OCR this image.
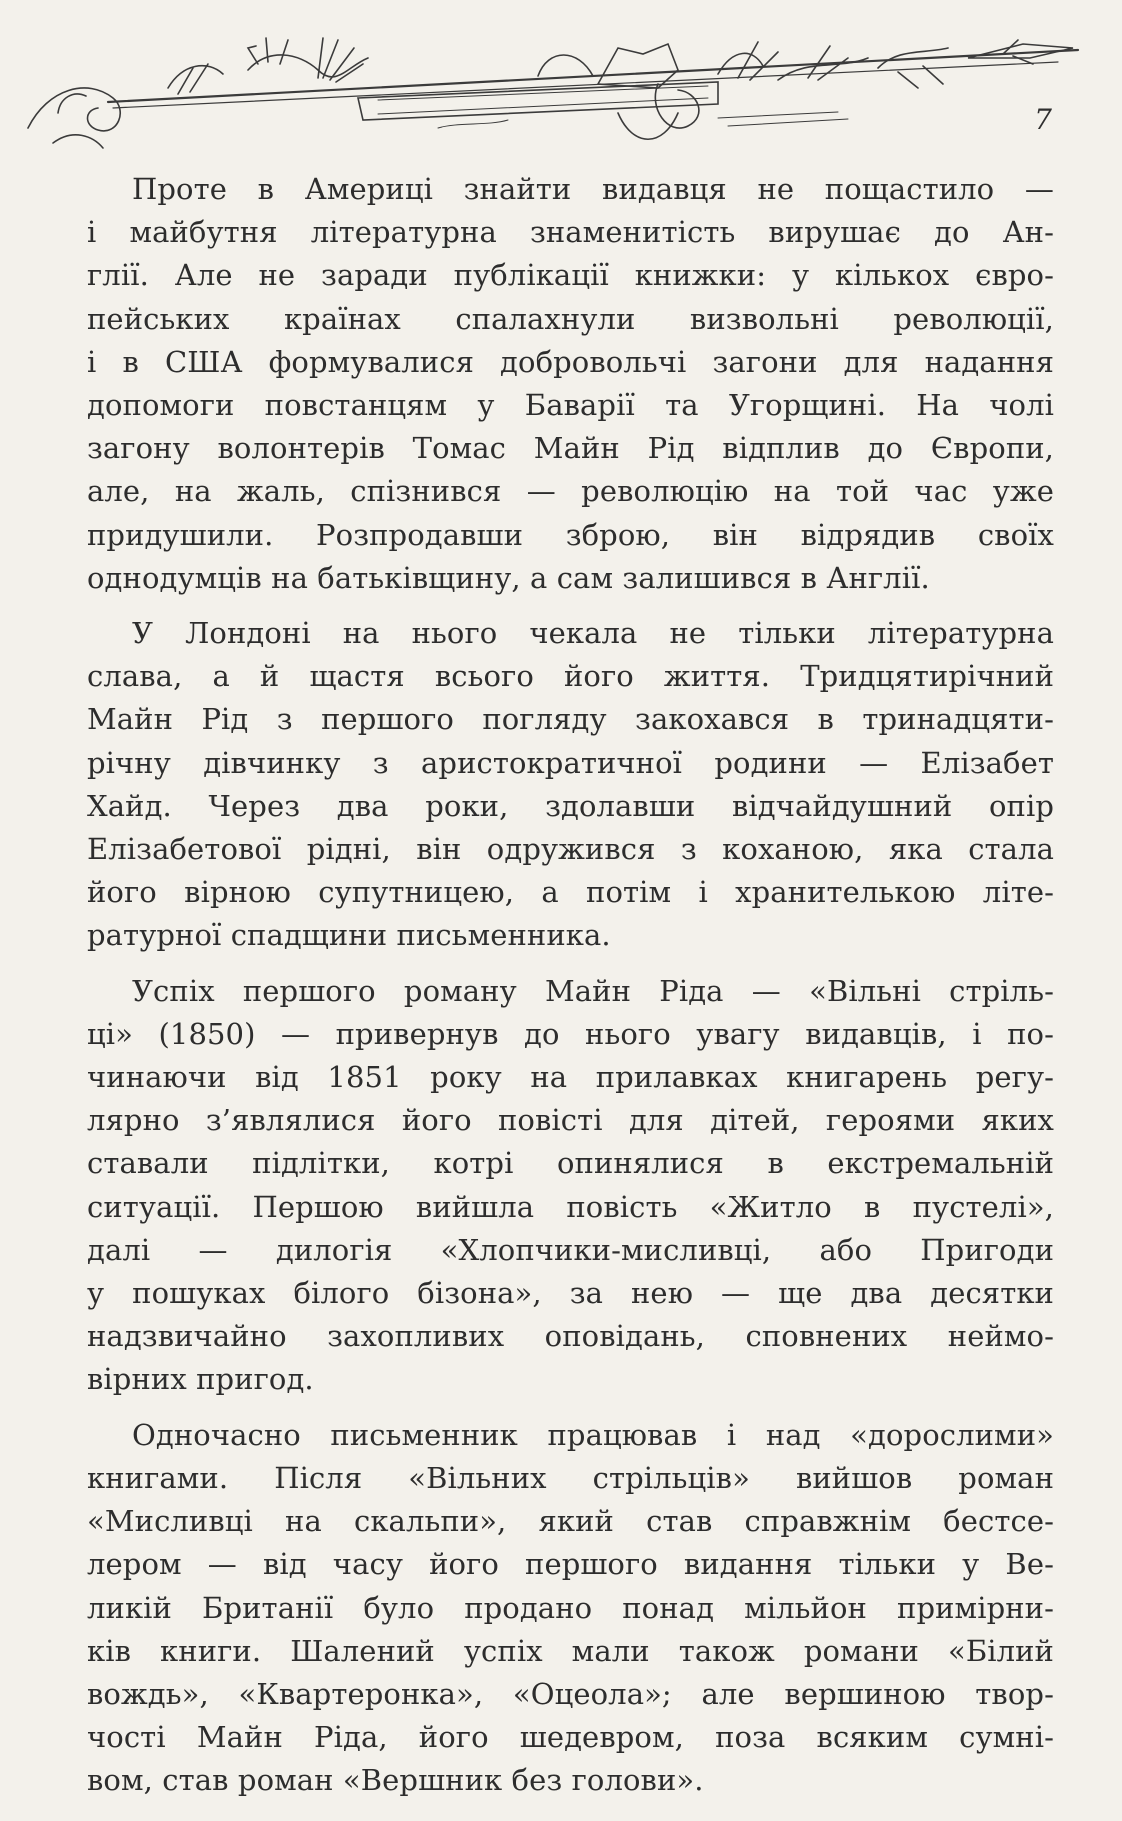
7
Проте в Америці знайти видавця не пощастило —
і майбутня літературна знаменитість вирушає до Ан-
глії. Але не заради публікації книжки: у кількох євро-
пейських країнах спалахнули визвольні революції,
і в США формувалися добровольчі загони для надання
допомоги повстанцям у Баварії та Угорщині. На чолі
загону волонтерів Томас Майн Рід відплив до Європи,
але, на жаль, спізнився — революцію на той час уже
придушили. Розпродавши зброю, він відрядив своїх
однодумців на батьківщину, а сам залишився в Англії.
У Лондоні на нього чекала не тільки літературна
слава, а й щастя всього його життя. Тридцятирічний
Майн Рід з першого погляду закохався в тринадцяти-
річну дівчинку з аристократичної родини — Елізабет
Хайд. Через два роки, здолавши відчайдушний опір
Елізабетової рідні, він одружився з коханою, яка стала
його вірною супутницею, а потім і хранителькою літе-
ратурної спадщини письменника.
Успіх першого роману Майн Ріда — «Вільні стріль-
ці» (1850) — привернув до нього увагу видавців, і по-
чинаючи від 1851 року на прилавках книгарень регу-
лярно з’являлися його повісті для дітей, героями яких
ставали підлітки, котрі опинялися в екстремальній
ситуації. Першою вийшла повість «Житло в пустелі»,
далі — дилогія «Хлопчики-мисливці, або Пригоди
у пошуках білого бізона», за нею — ще два десятки
надзвичайно захопливих оповідань, сповнених неймо-
вірних пригод.
Одночасно письменник працював і над «дорослими»
книгами. Після «Вільних стрільців» вийшов роман
«Мисливці на скальпи», який став справжнім бестсе-
лером — від часу його першого видання тільки у Ве-
ликій Британії було продано понад мільйон примірни-
ків книги. Шалений успіх мали також романи «Білий
вождь», «Квартеронка», «Оцеола»; але вершиною твор-
чості Майн Ріда, його шедевром, поза всяким сумні-
вом, став роман «Вершник без голови».
